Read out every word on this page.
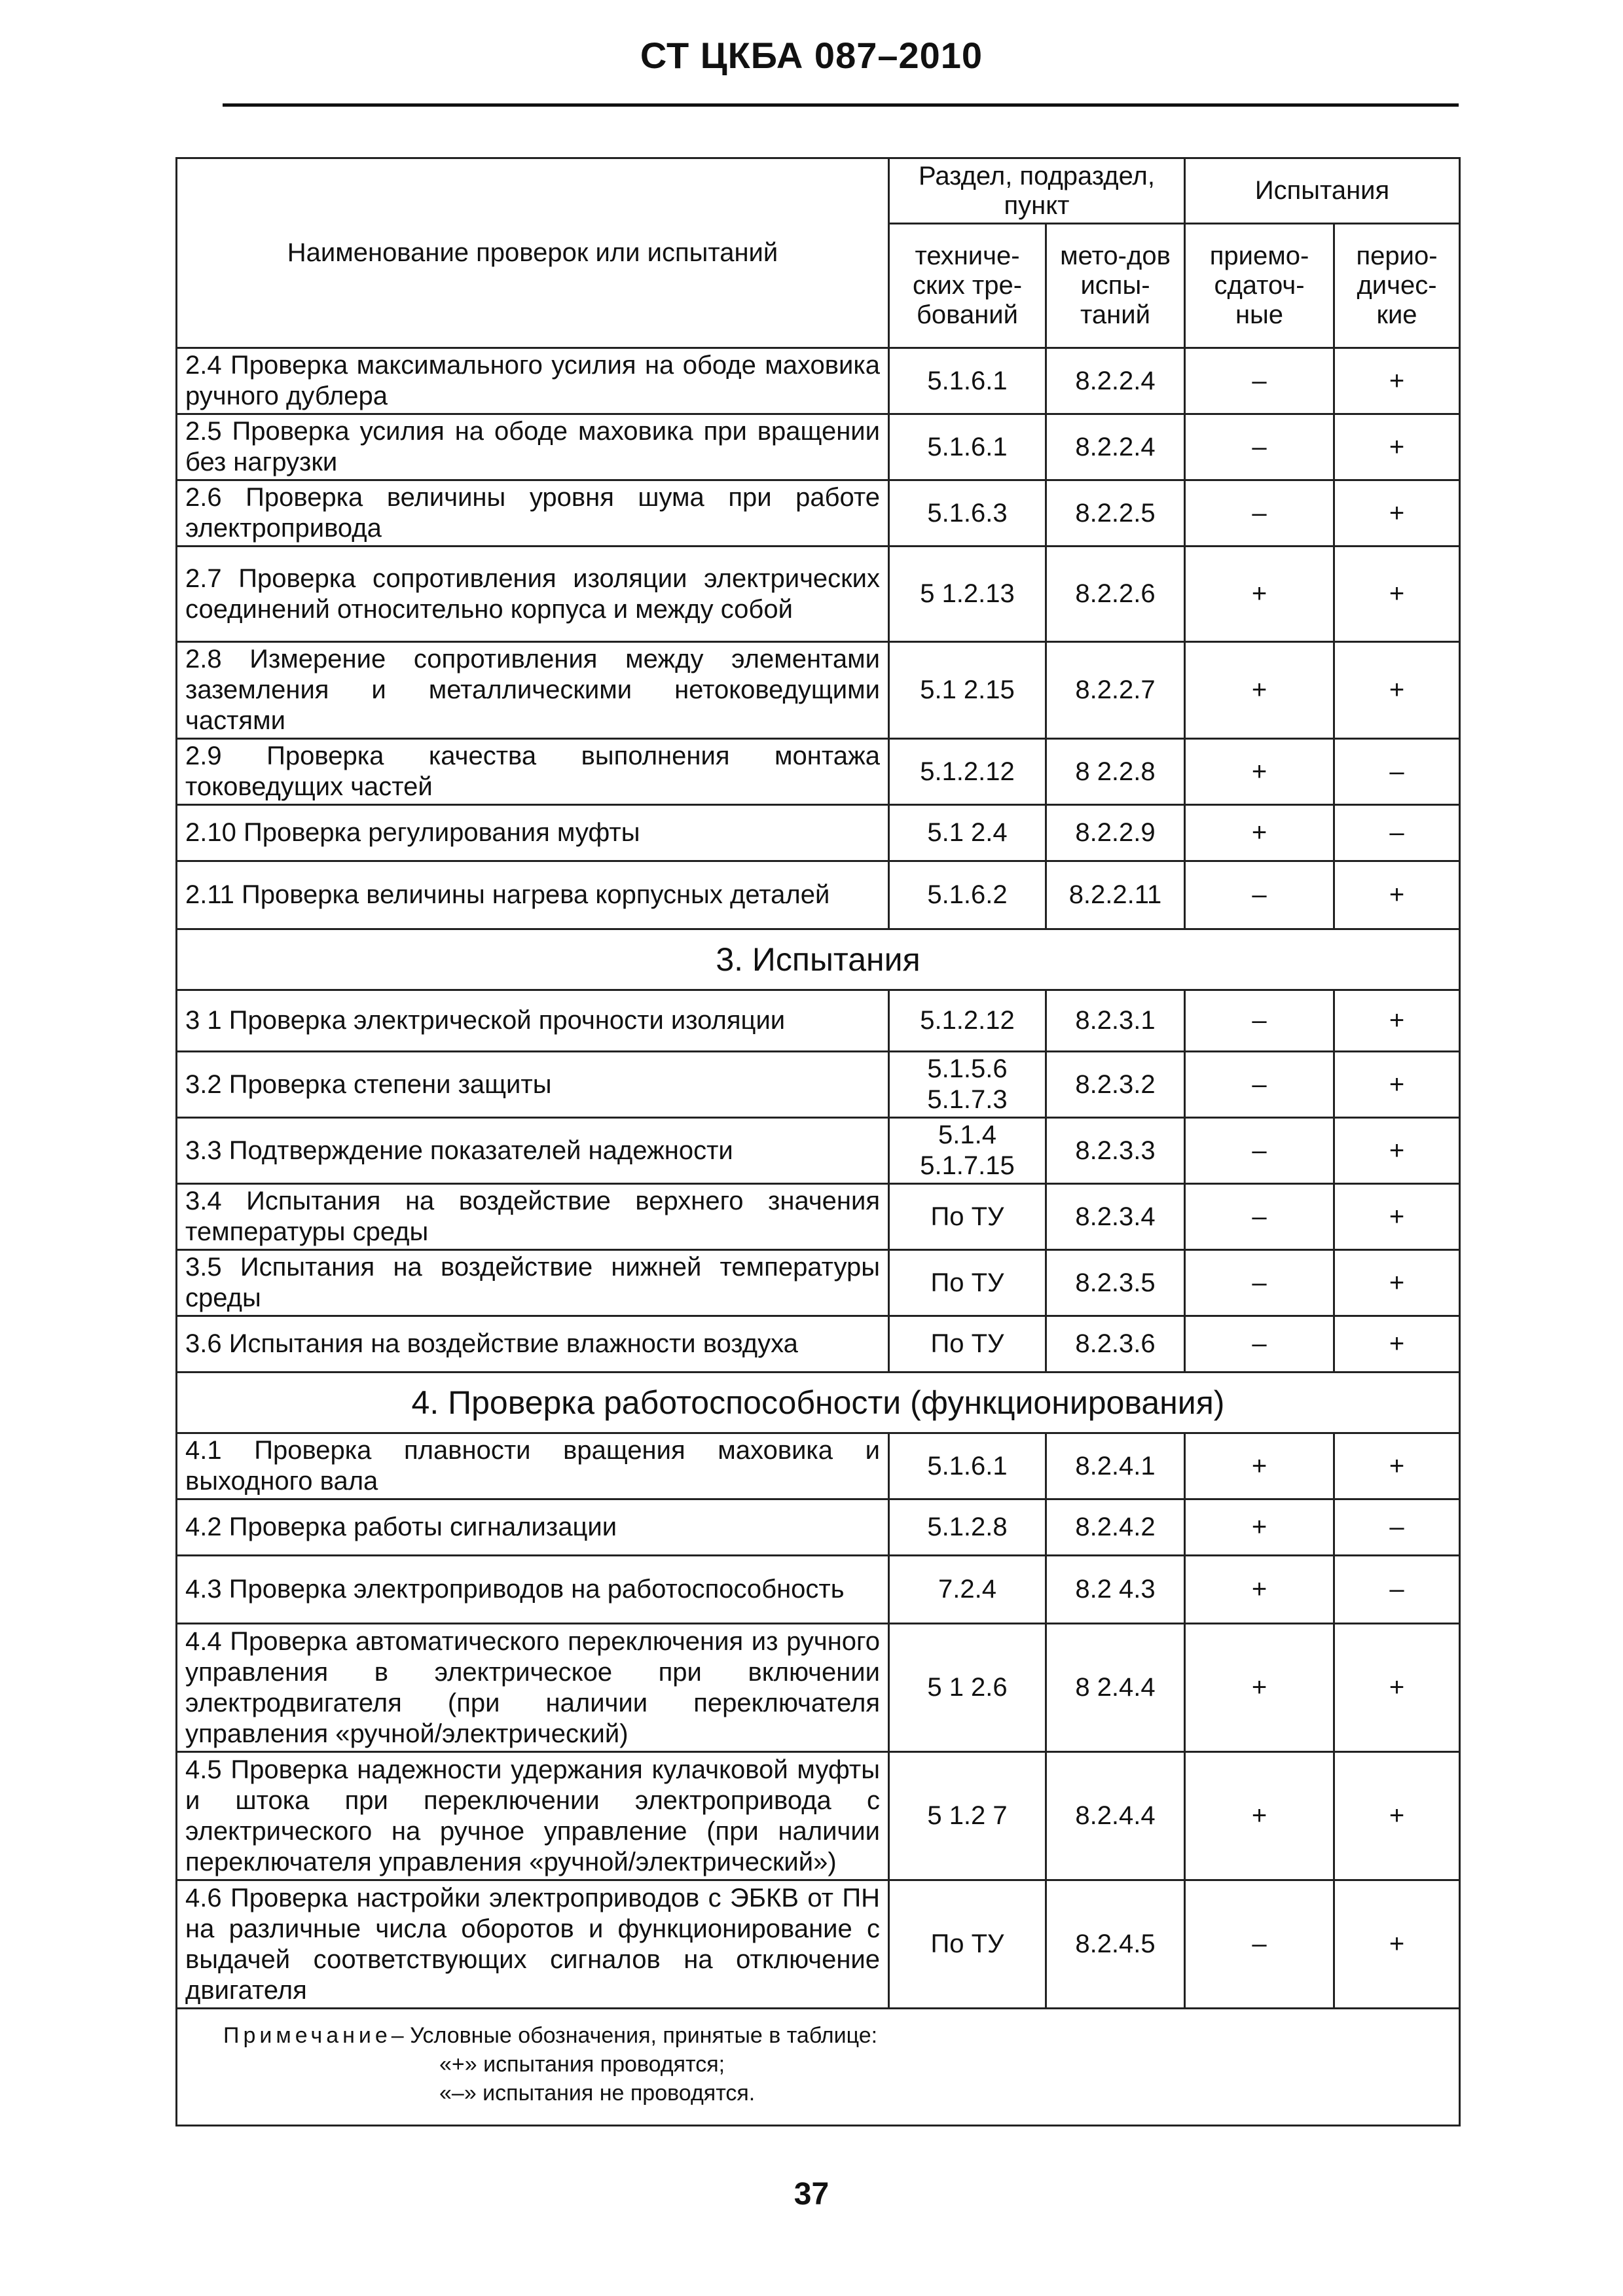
СТ ЦКБА 087–2010
Наименование проверок или испытаний	Раздел, подраздел, пункт		Испытания	
	техниче-ских тре-бований	мето-дов испы-таний	приемо-сдаточ-ные	перио-дичес-кие
2.4 Проверка максимального усилия на ободе маховика ручного дублера	5.1.6.1	8.2.2.4	–	+
2.5 Проверка усилия на ободе маховика при вращении без нагрузки	5.1.6.1	8.2.2.4	–	+
2.6 Проверка величины уровня шума при работе электропривода	5.1.6.3	8.2.2.5	–	+
2.7 Проверка сопротивления изоляции электрических соединений относительно корпуса и между собой	5 1.2.13	8.2.2.6	+	+
2.8 Измерение сопротивления между элементами заземления и металлическими нетоковедущими частями	5.1 2.15	8.2.2.7	+	+
2.9 Проверка качества выполнения монтажа токоведущих частей	5.1.2.12	8 2.2.8	+	–
2.10 Проверка регулирования муфты	5.1 2.4	8.2.2.9	+	–
2.11 Проверка величины нагрева корпусных деталей	5.1.6.2	8.2.2.11	–	+
3. Испытания				
3 1 Проверка электрической прочности изоляции	5.1.2.12	8.2.3.1	–	+
3.2 Проверка степени защиты	5.1.5.6 5.1.7.3	8.2.3.2	–	+
3.3 Подтверждение показателей надежности	5.1.4 5.1.7.15	8.2.3.3	–	+
3.4 Испытания на воздействие верхнего значения температуры среды	По ТУ	8.2.3.4	–	+
3.5 Испытания на воздействие нижней температуры среды	По ТУ	8.2.3.5	–	+
3.6 Испытания на воздействие влажности воздуха	По ТУ	8.2.3.6	–	+
4. Проверка работоспособности (функционирования)				
4.1 Проверка плавности вращения маховика и выходного вала	5.1.6.1	8.2.4.1	+	+
4.2 Проверка работы сигнализации	5.1.2.8	8.2.4.2	+	–
4.3 Проверка электроприводов на работоспособность	7.2.4	8.2 4.3	+	–
4.4 Проверка автоматического переключения из ручного управления в электрическое при включении электродвигателя (при наличии переключателя управления «ручной/электрический)	5 1 2.6	8 2.4.4	+	+
4.5 Проверка надежности удержания кулачковой муфты и штока при переключении электропривода с электрического на ручное управление (при наличии переключателя управления «ручной/электрический»)	5 1.2 7	8.2.4.4	+	+
4.6 Проверка настройки электроприводов с ЭБКВ от ПН на различные числа оборотов и функционирование с выдачей соответствующих сигналов на отключение двигателя	По ТУ	8.2.4.5	–	+

Примечание– Условные обозначения, принятые в таблице:
«+» испытания проводятся;
«–» испытания не проводятся.				
37
